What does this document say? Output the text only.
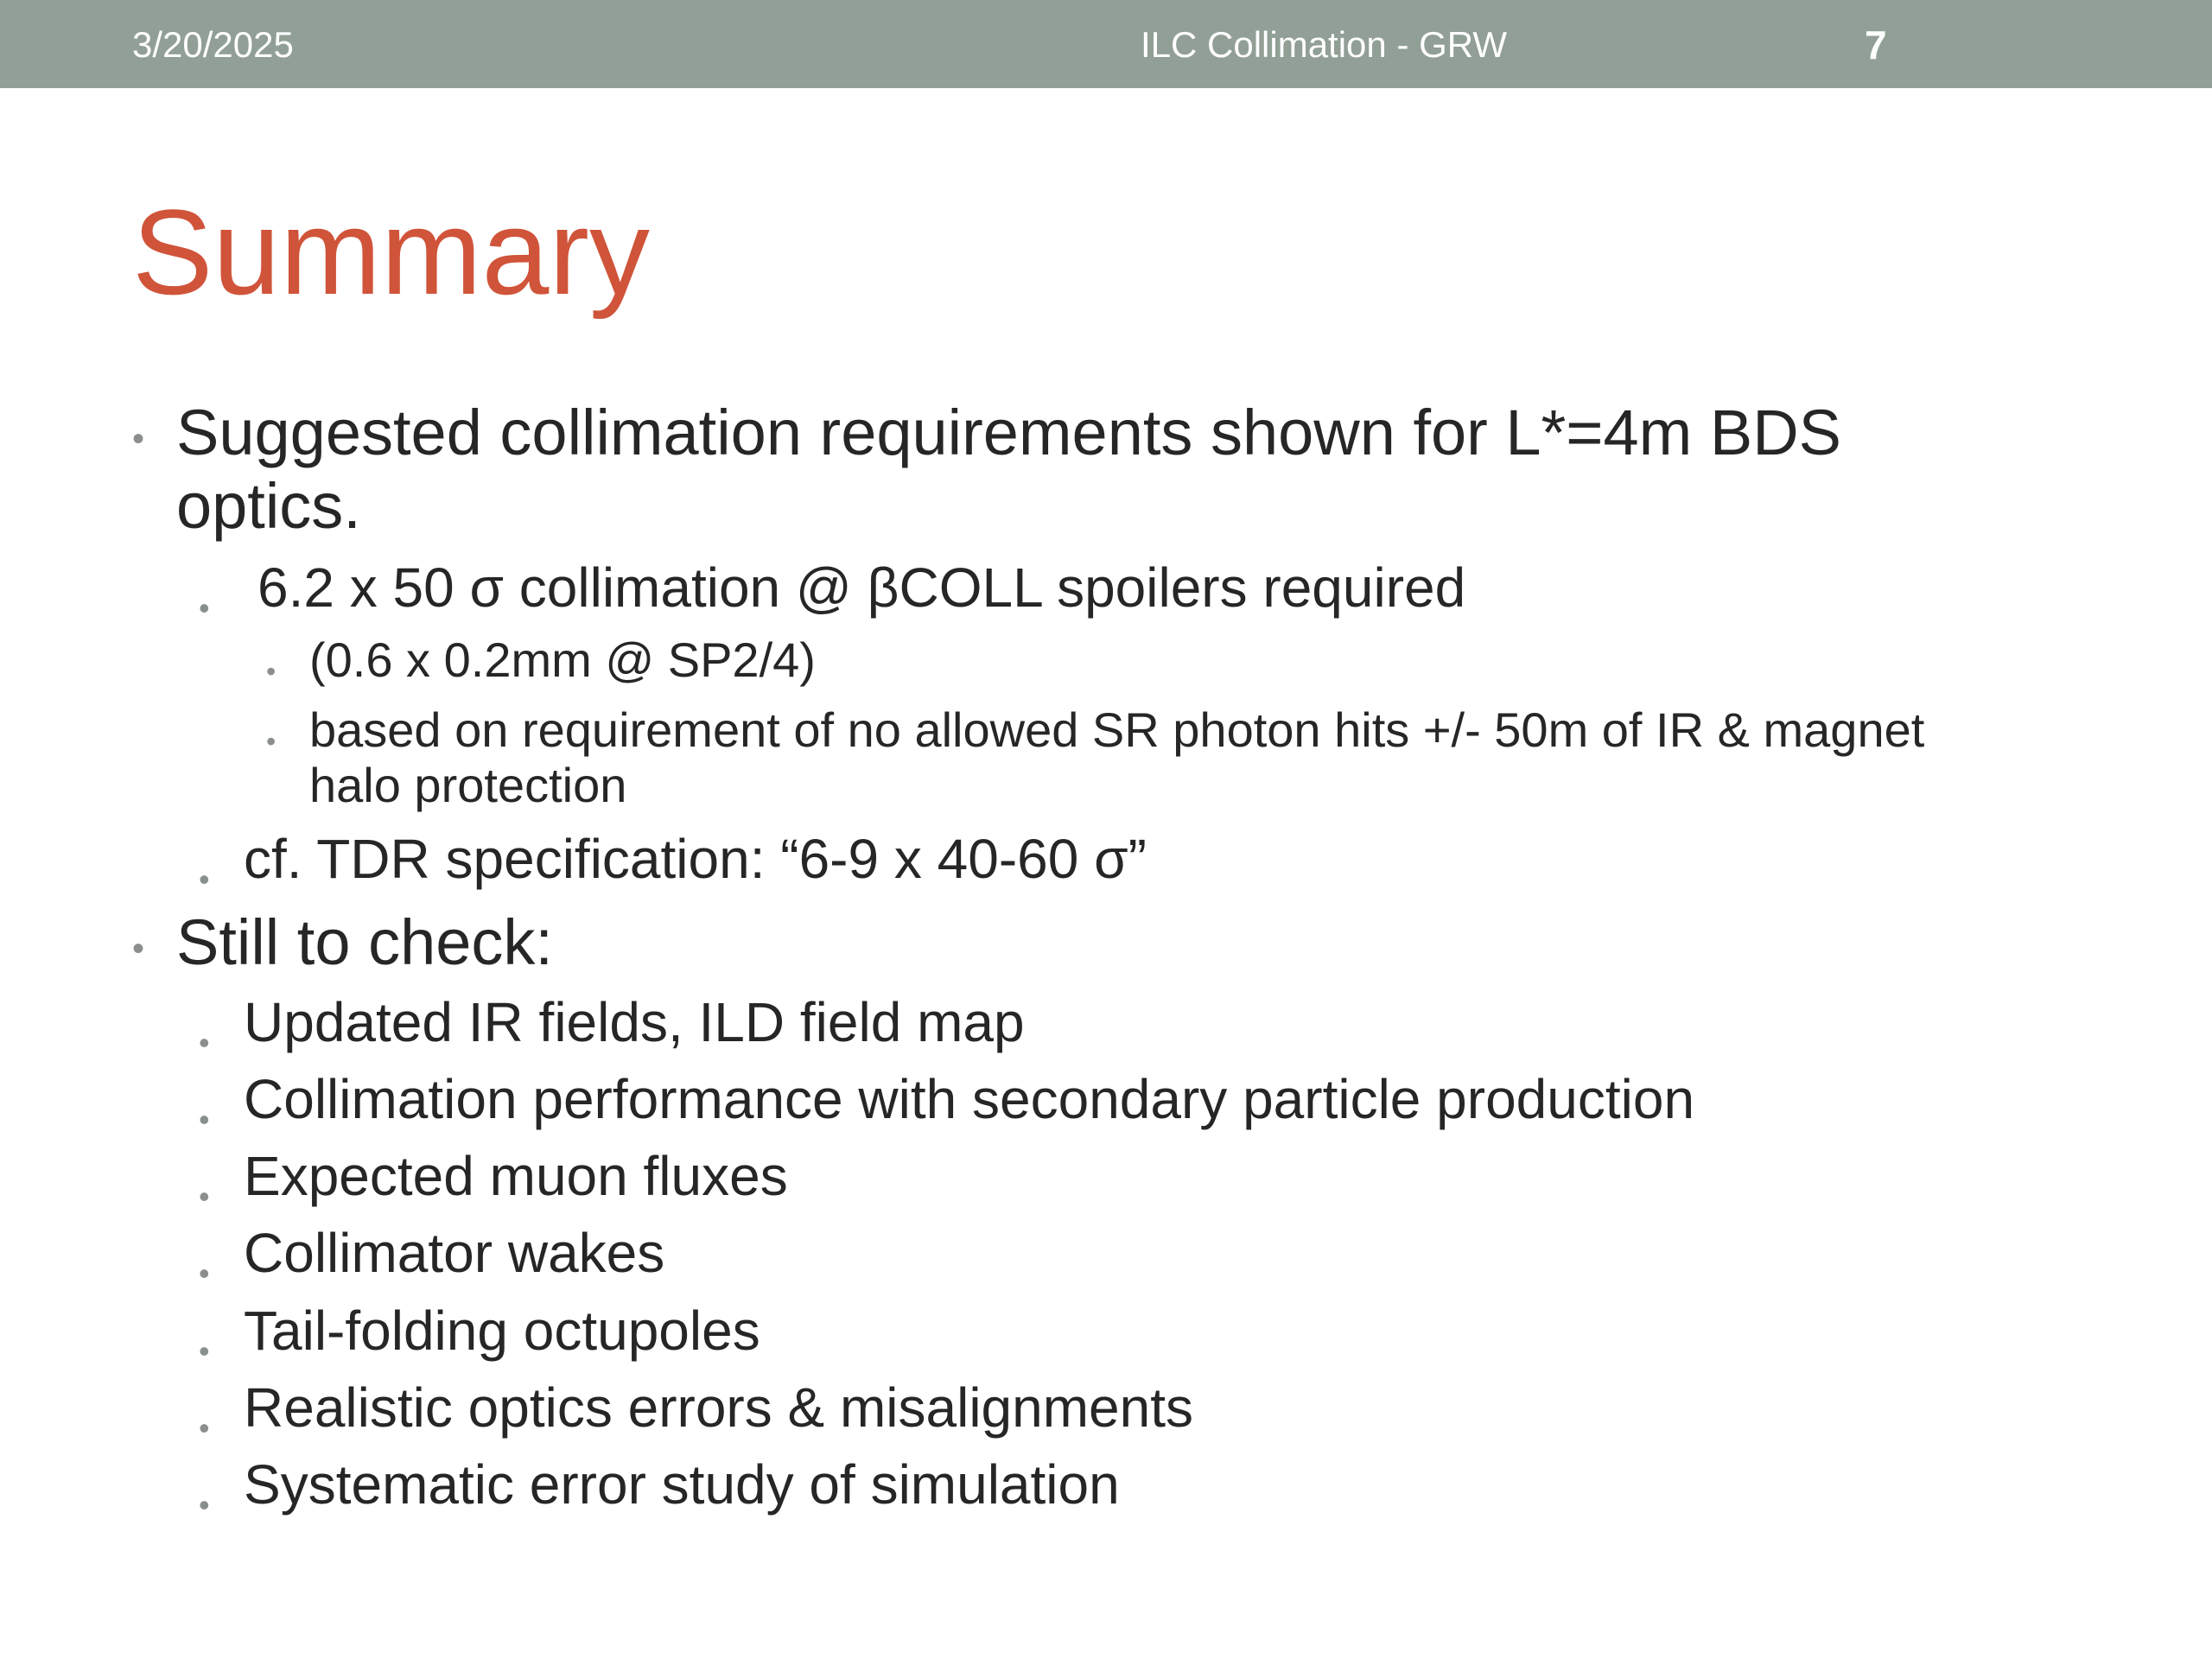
3/20/2025	ILC Collimation - GRW	7
Summary
• Suggested collimation requirements shown for L*=4m BDS
optics.
• 6.2 x 50 σ collimation @ βCOLL spoilers required
• (0.6 x 0.2mm @ SP2/4)
• based on requirement of no allowed SR photon hits +/- 50m of IR & magnet
halo protection
• cf. TDR specification: “6-9 x 40-60 σ”
• Still to check:
• Updated IR fields, ILD field map
• Collimation performance with secondary particle production
• Expected muon fluxes
• Collimator wakes
• Tail-folding octupoles
• Realistic optics errors & misalignments
• Systematic error study of simulation
